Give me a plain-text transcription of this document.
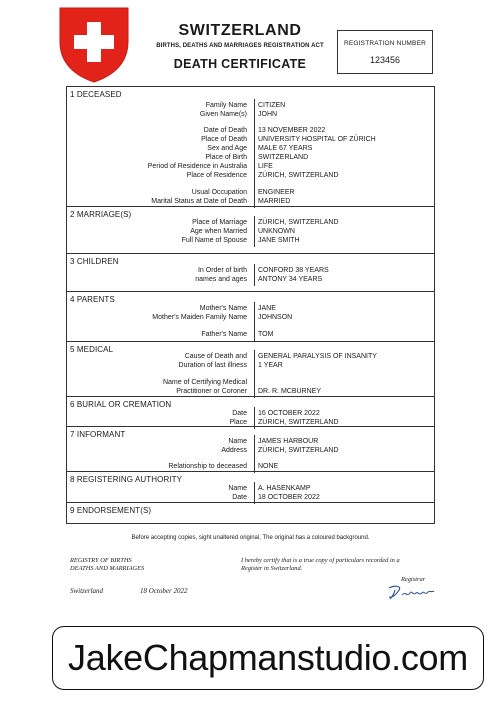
SWITZERLAND
BIRTHS, DEATHS AND MARRIAGES REGISTRATION ACT
DEATH CERTIFICATE
REGISTRATION NUMBER
123456
1 DECEASED
Family Name CITIZEN
Given Name(s) JOHN
Date of Death 13 NOVEMBER 2022
Place of Death UNIVERSITY HOSPITAL OF ZÜRICH
Sex and Age MALE 67 YEARS
Place of Birth SWITZERLAND
Period of Residence in Australia LIFE
Place of Residence ZÜRICH, SWITZERLAND
Usual Occupation ENGINEER
Marital Status at Date of Death MARRIED
2 MARRIAGE(S)
Place of Marriage ZÜRICH, SWITZERLAND
Age when Married UNKNOWN
Full Name of Spouse JANE SMITH
3 CHILDREN
In Order of birth CONFORD 38 YEARS
names and ages ANTONY 34 YEARS
4 PARENTS
Mother's Name JANE
Mother's Maiden Family Name JOHNSON
Father's Name TOM
5 MEDICAL
Cause of Death and GENERAL PARALYSIS OF INSANITY
Duration of last illness 1 YEAR
Name of Certifying Medical
Practitioner or Coroner DR. R. MCBURNEY
6 BURIAL OR CREMATION
Date 16 OCTOBER 2022
Place ZÜRICH, SWITZERLAND
7 INFORMANT
Name JAMES HARBOUR
Address ZÜRICH, SWITZERLAND
Relationship to deceased NONE
8 REGISTERING AUTHORITY
Name A. HASENKAMP
Date 18 OCTOBER 2022
9 ENDORSEMENT(S)
Before accepting copies, sight unaltered original, The original has a coloured background.
REGISTRY OF BIRTHS
DEATHS AND MARRIAGES
I hereby certify that is a true copy of particulars recorded in a
Register in Switzerland.
Switzerland	18 October 2022
Registrar
JakeChapmanstudio.com
